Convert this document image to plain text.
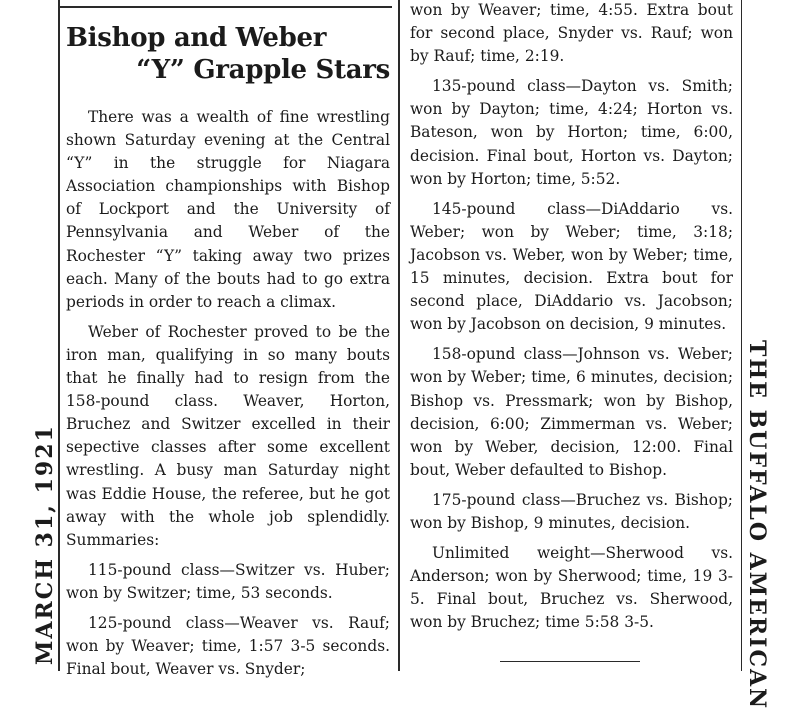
Bishop and Weber
“Y” Grapple Stars

There was a wealth of fine wrestling shown Saturday evening at the Central “Y” in the struggle for Niagara Association championships with Bishop of Lockport and the University of Pennsylvania and Weber of the Rochester “Y” taking away two prizes each. Many of the bouts had to go extra periods in order to reach a climax.

Weber of Rochester proved to be the iron man, qualifying in so many bouts that he finally had to resign from the 158-pound class. Weaver, Horton, Bruchez and Switzer excelled in their sepective classes after some excellent wrestling. A busy man Saturday night was Eddie House, the referee, but he got away with the whole job splendidly. Summaries:

115-pound class—Switzer vs. Huber; won by Switzer; time, 53 seconds.

125-pound class—Weaver vs. Rauf; won by Weaver; time, 1:57 3-5 seconds. Final bout, Weaver vs. Snyder;

won by Weaver; time, 4:55. Extra bout for second place, Snyder vs. Rauf; won by Rauf; time, 2:19.

135-pound class—Dayton vs. Smith; won by Dayton; time, 4:24; Horton vs. Bateson, won by Horton; time, 6:00, decision. Final bout, Horton vs. Dayton; won by Horton; time, 5:52.

145-pound class—DiAddario vs. Weber; won by Weber; time, 3:18; Jacobson vs. Weber, won by Weber; time, 15 minutes, decision. Extra bout for second place, DiAddario vs. Jacobson; won by Jacobson on decision, 9 minutes.

158-opund class—Johnson vs. Weber; won by Weber; time, 6 minutes, decision; Bishop vs. Pressmark; won by Bishop, decision, 6:00; Zimmerman vs. Weber; won by Weber, decision, 12:00. Final bout, Weber defaulted to Bishop.

175-pound class—Bruchez vs. Bishop; won by Bishop, 9 minutes, decision.

Unlimited weight—Sherwood vs. Anderson; won by Sherwood; time, 19 3-5. Final bout, Bruchez vs. Sherwood, won by Bruchez; time 5:58 3-5.

MARCH 31, 1921	THE BUFFALO AMERICAN
